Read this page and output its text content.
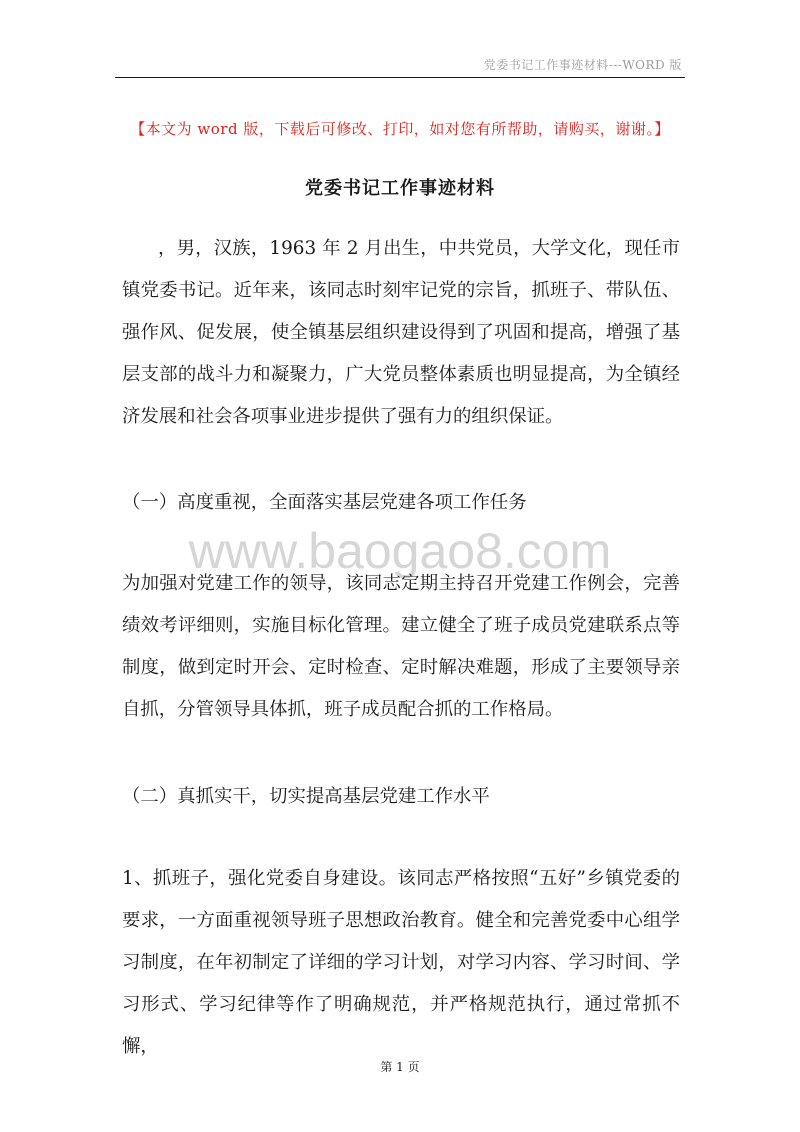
党委书记工作事迹材料---WORD 版
【本文为 word 版，下载后可修改、打印，如对您有所帮助，请购买，谢谢。】
党委书记工作事迹材料

，男，汉族，1963 年 2 月出生，中共党员，大学文化，现任市镇党委书记。近年来，该同志时刻牢记党的宗旨，抓班子、带队伍、强作风、促发展，使全镇基层组织建设得到了巩固和提高，增强了基层支部的战斗力和凝聚力，广大党员整体素质也明显提高，为全镇经济发展和社会各项事业进步提供了强有力的组织保证。

（一）高度重视，全面落实基层党建各项工作任务

www.baogao8.com

为加强对党建工作的领导，该同志定期主持召开党建工作例会，完善绩效考评细则，实施目标化管理。建立健全了班子成员党建联系点等制度，做到定时开会、定时检查、定时解决难题，形成了主要领导亲自抓，分管领导具体抓，班子成员配合抓的工作格局。

（二）真抓实干，切实提高基层党建工作水平

1、抓班子，强化党委自身建设。该同志严格按照“五好”乡镇党委的要求，一方面重视领导班子思想政治教育。健全和完善党委中心组学习制度，在年初制定了详细的学习计划，对学习内容、学习时间、学习形式、学习纪律等作了明确规范，并严格规范执行，通过常抓不懈，

第 1 页
